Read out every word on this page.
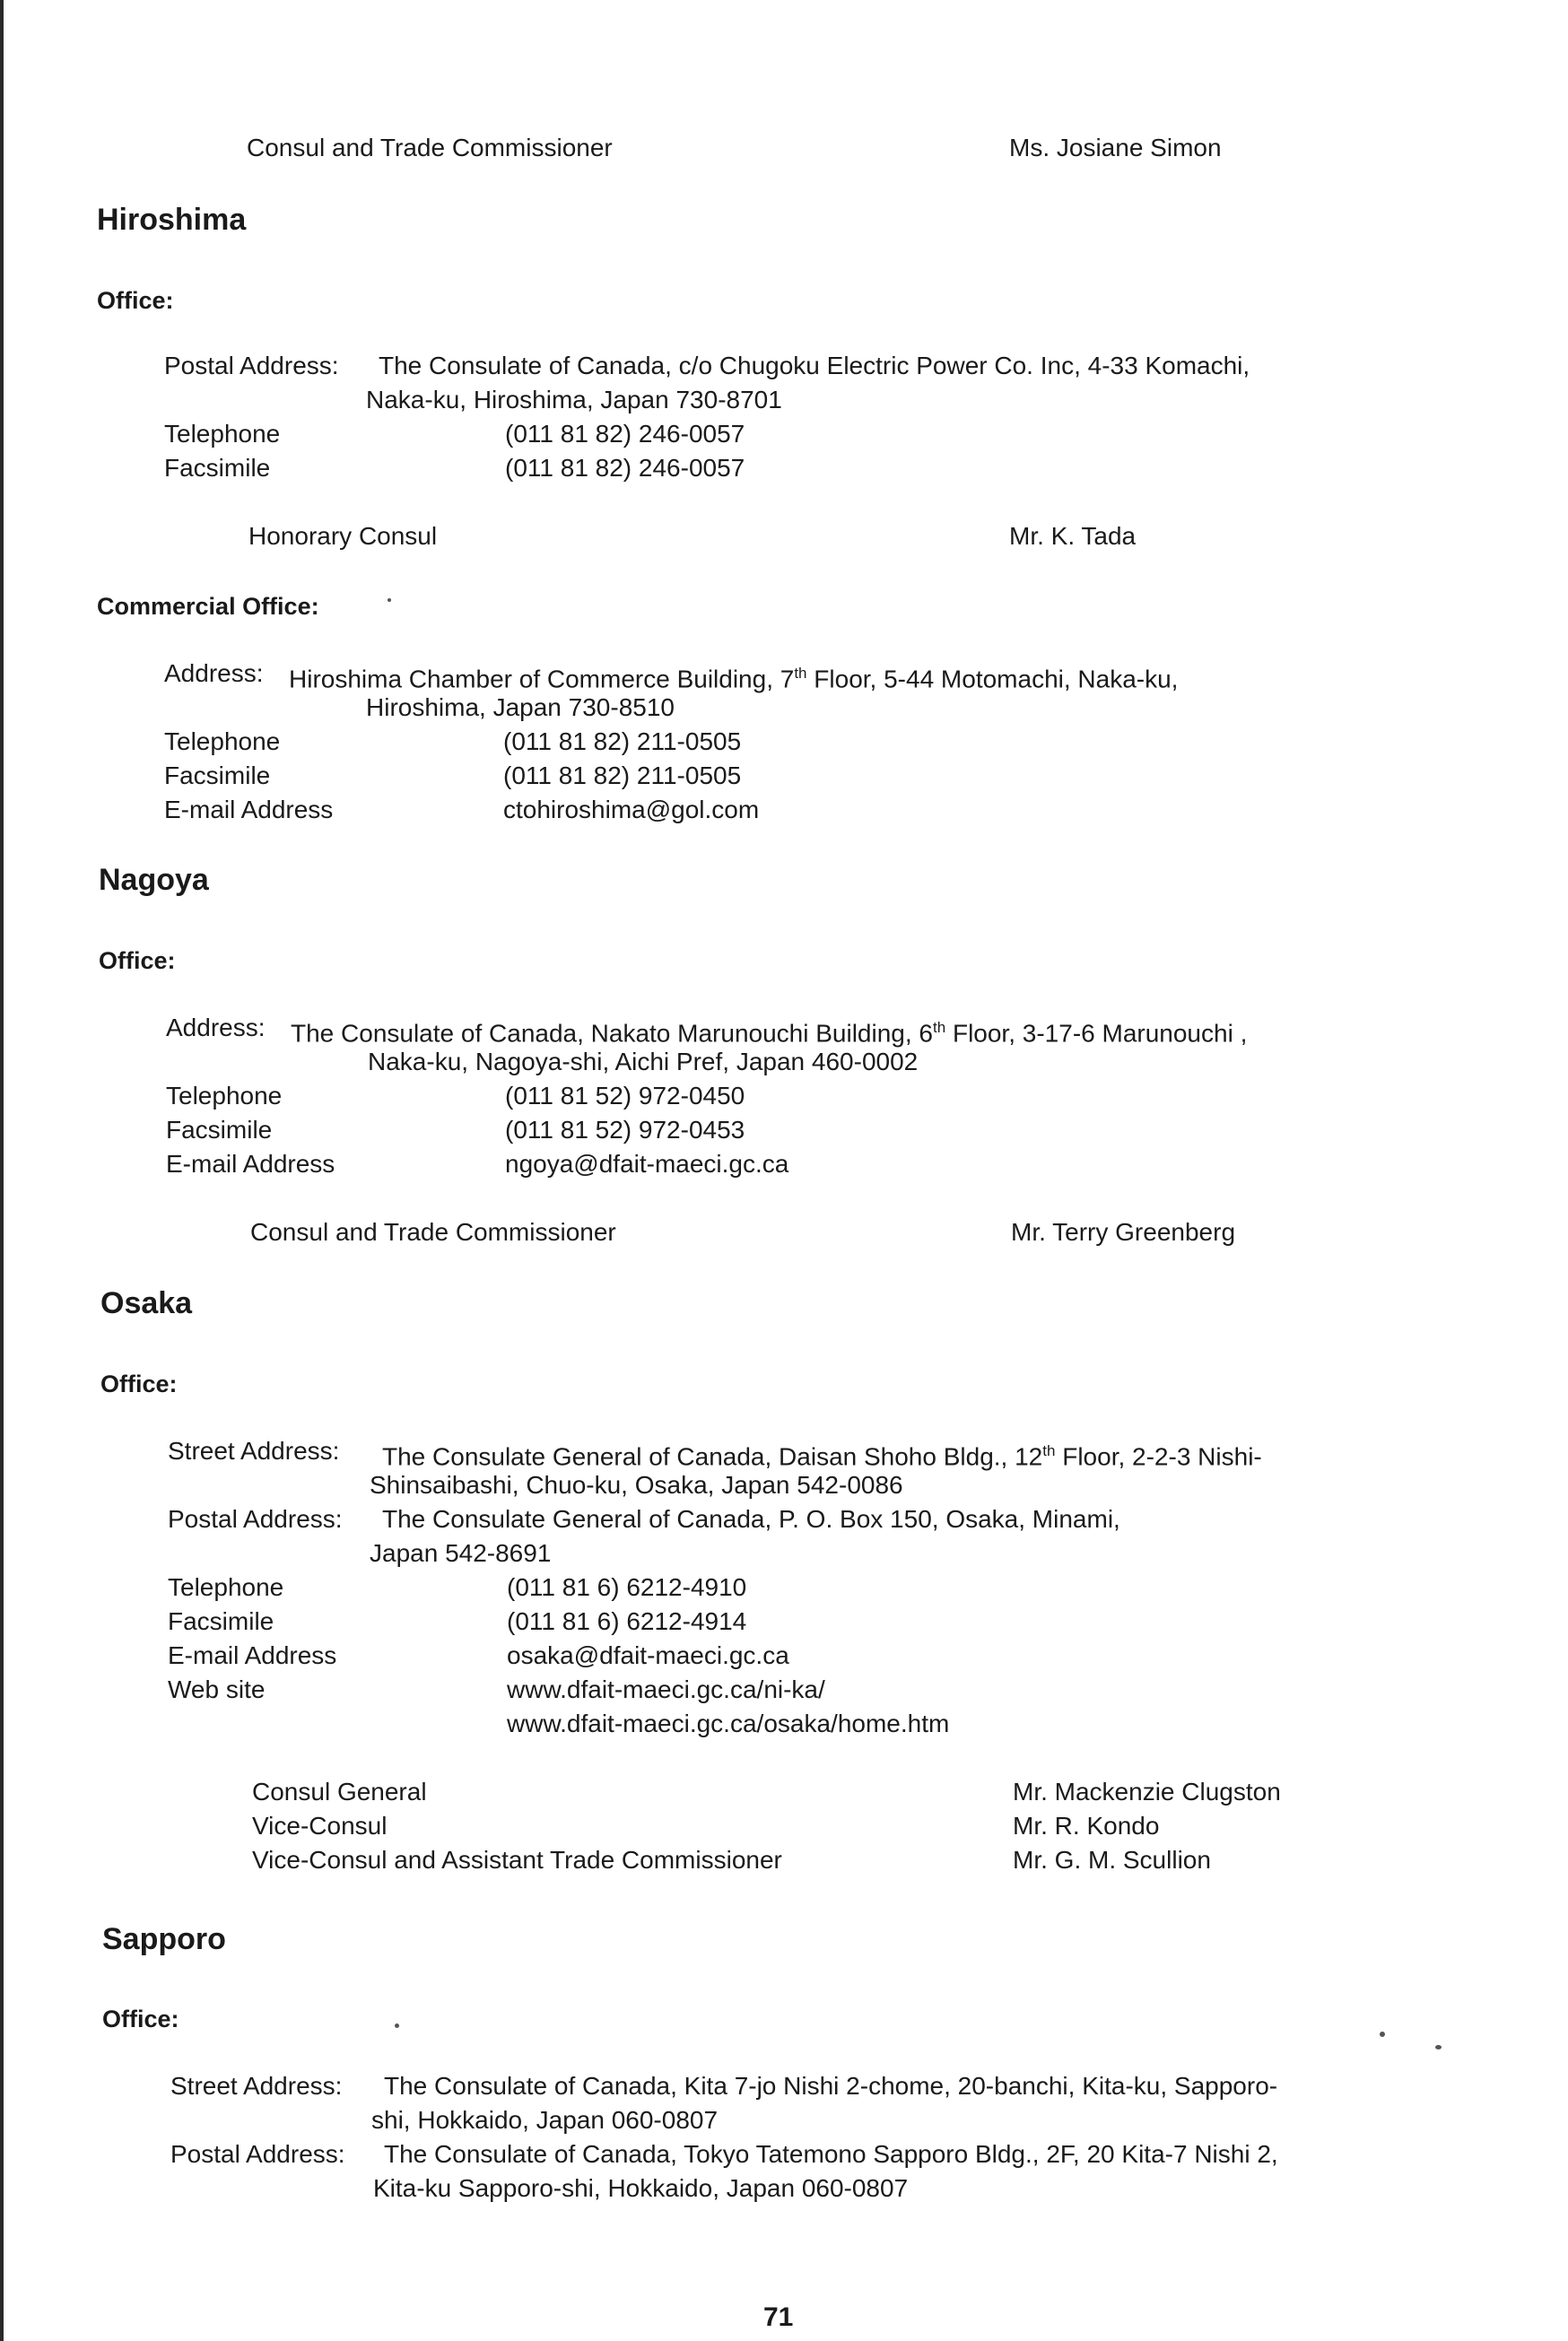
Consul and Trade Commissioner	Ms. Josiane Simon
Hiroshima
Office:
Postal Address: The Consulate of Canada, c/o Chugoku Electric Power Co. Inc, 4-33 Komachi,
Naka-ku, Hiroshima, Japan 730-8701
Telephone	(011 81 82) 246-0057
Facsimile	(011 81 82) 246-0057
Honorary Consul	Mr. K. Tada
Commercial Office:
Address: Hiroshima Chamber of Commerce Building, 7th Floor, 5-44 Motomachi, Naka-ku,
Hiroshima, Japan 730-8510
Telephone	(011 81 82) 211-0505
Facsimile	(011 81 82) 211-0505
E-mail Address	ctohiroshima@gol.com
Nagoya
Office:
Address: The Consulate of Canada, Nakato Marunouchi Building, 6th Floor, 3-17-6 Marunouchi ,
Naka-ku, Nagoya-shi, Aichi Pref, Japan 460-0002
Telephone	(011 81 52) 972-0450
Facsimile	(011 81 52) 972-0453
E-mail Address	ngoya@dfait-maeci.gc.ca
Consul and Trade Commissioner	Mr. Terry Greenberg
Osaka
Office:
Street Address: The Consulate General of Canada, Daisan Shoho Bldg., 12th Floor, 2-2-3 Nishi-
Shinsaibashi, Chuo-ku, Osaka, Japan 542-0086
Postal Address: The Consulate General of Canada, P. O. Box 150, Osaka, Minami,
Japan 542-8691
Telephone	(011 81 6) 6212-4910
Facsimile	(011 81 6) 6212-4914
E-mail Address	osaka@dfait-maeci.gc.ca
Web site	www.dfait-maeci.gc.ca/ni-ka/
www.dfait-maeci.gc.ca/osaka/home.htm
Consul General	Mr. Mackenzie Clugston
Vice-Consul	Mr. R. Kondo
Vice-Consul and Assistant Trade Commissioner	Mr. G. M. Scullion
Sapporo
Office:
Street Address: The Consulate of Canada, Kita 7-jo Nishi 2-chome, 20-banchi, Kita-ku, Sapporo-
shi, Hokkaido, Japan 060-0807
Postal Address: The Consulate of Canada, Tokyo Tatemono Sapporo Bldg., 2F, 20 Kita-7 Nishi 2,
Kita-ku Sapporo-shi, Hokkaido, Japan 060-0807
71
